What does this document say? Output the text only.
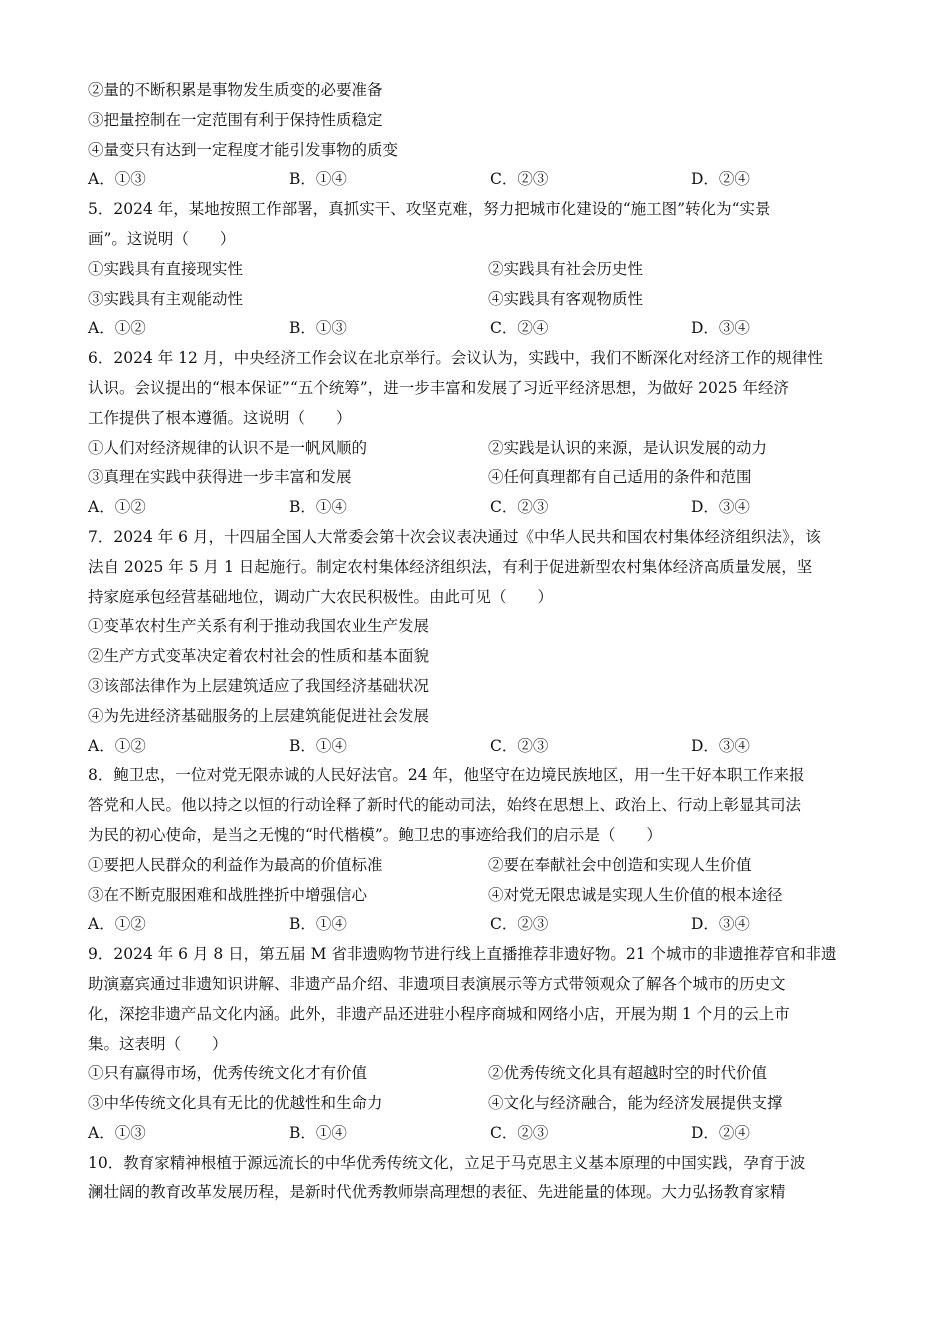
②量的不断积累是事物发生质变的必要准备
③把量控制在一定范围有利于保持性质稳定
④量变只有达到一定程度才能引发事物的质变
A．①③	B．①④	C．②③	D．②④
5．2024 年，某地按照工作部署，真抓实干、攻坚克难，努力把城市化建设的“施工图”转化为“实景
画”。这说明（　　）
①实践具有直接现实性	②实践具有社会历史性
③实践具有主观能动性	④实践具有客观物质性
A．①②	B．①③	C．②④	D．③④
6．2024 年 12 月，中央经济工作会议在北京举行。会议认为，实践中，我们不断深化对经济工作的规律性
认识。会议提出的“根本保证”“五个统筹”，进一步丰富和发展了习近平经济思想，为做好 2025 年经济
工作提供了根本遵循。这说明（　　）
①人们对经济规律的认识不是一帆风顺的	②实践是认识的来源，是认识发展的动力
③真理在实践中获得进一步丰富和发展	④任何真理都有自己适用的条件和范围
A．①②	B．①④	C．②③	D．③④
7．2024 年 6 月，十四届全国人大常委会第十次会议表决通过《中华人民共和国农村集体经济组织法》，该
法自 2025 年 5 月 1 日起施行。制定农村集体经济组织法，有利于促进新型农村集体经济高质量发展，坚
持家庭承包经营基础地位，调动广大农民积极性。由此可见（　　）
①变革农村生产关系有利于推动我国农业生产发展
②生产方式变革决定着农村社会的性质和基本面貌
③该部法律作为上层建筑适应了我国经济基础状况
④为先进经济基础服务的上层建筑能促进社会发展
A．①②	B．①④	C．②③	D．③④
8．鲍卫忠，一位对党无限赤诚的人民好法官。24 年，他坚守在边境民族地区，用一生干好本职工作来报
答党和人民。他以持之以恒的行动诠释了新时代的能动司法，始终在思想上、政治上、行动上彰显其司法
为民的初心使命，是当之无愧的“时代楷模”。鲍卫忠的事迹给我们的启示是（　　）
①要把人民群众的利益作为最高的价值标准	②要在奉献社会中创造和实现人生价值
③在不断克服困难和战胜挫折中增强信心	④对党无限忠诚是实现人生价值的根本途径
A．①②	B．①④	C．②③	D．③④
9．2024 年 6 月 8 日，第五届 M 省非遗购物节进行线上直播推荐非遗好物。21 个城市的非遗推荐官和非遗
助演嘉宾通过非遗知识讲解、非遗产品介绍、非遗项目表演展示等方式带领观众了解各个城市的历史文
化，深挖非遗产品文化内涵。此外，非遗产品还进驻小程序商城和网络小店，开展为期 1 个月的云上市
集。这表明（　　）
①只有赢得市场，优秀传统文化才有价值	②优秀传统文化具有超越时空的时代价值
③中华传统文化具有无比的优越性和生命力	④文化与经济融合，能为经济发展提供支撑
A．①③	B．①④	C．②③	D．②④
10．教育家精神根植于源远流长的中华优秀传统文化，立足于马克思主义基本原理的中国实践，孕育于波
澜壮阔的教育改革发展历程，是新时代优秀教师崇高理想的表征、先进能量的体现。大力弘扬教育家精
